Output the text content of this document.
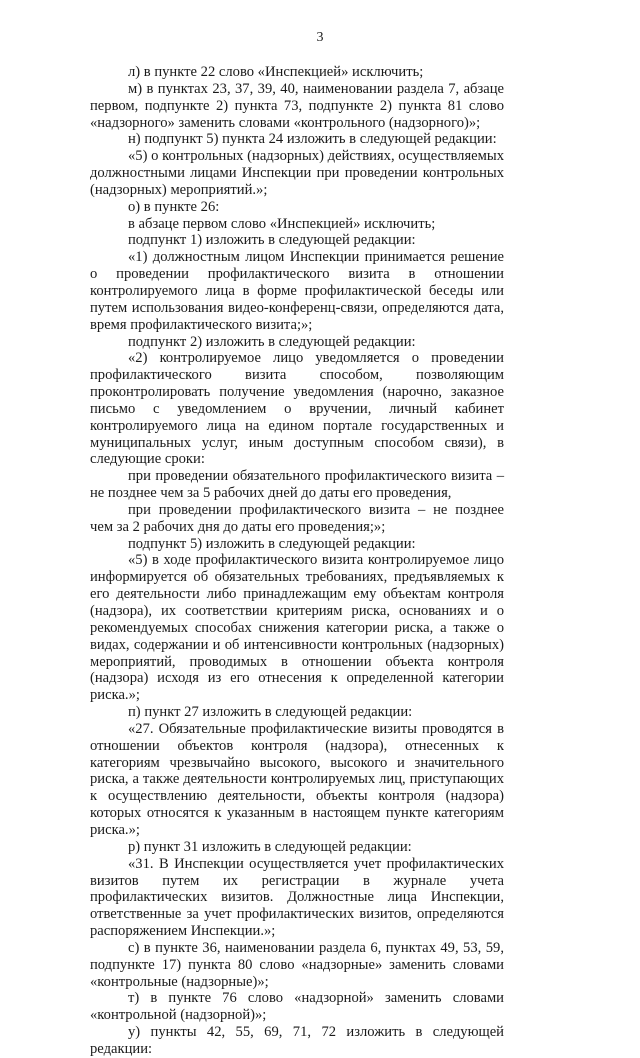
3

л) в пункте 22 слово «Инспекцией» исключить;

м) в пунктах 23, 37, 39, 40, наименовании раздела 7, абзаце первом, подпункте 2) пункта 73, подпункте 2) пункта 81 слово «надзорного» заменить словами «контрольного (надзорного)»;

н) подпункт 5) пункта 24 изложить в следующей редакции:

«5) о контрольных (надзорных) действиях, осуществляемых должностными лицами Инспекции при проведении контрольных (надзорных) мероприятий.»;

о) в пункте 26:

в абзаце первом слово «Инспекцией» исключить;

подпункт 1) изложить в следующей редакции:

«1) должностным лицом Инспекции принимается решение о проведении профилактического визита в отношении контролируемого лица в форме профилактической беседы или путем использования видео-конференц-связи, определяются дата, время профилактического визита;»;

подпункт 2) изложить в следующей редакции:

«2) контролируемое лицо уведомляется о проведении профилактического визита способом, позволяющим проконтролировать получение уведомления (нарочно, заказное письмо с уведомлением о вручении, личный кабинет контролируемого лица на едином портале государственных и муниципальных услуг, иным доступным способом связи), в следующие сроки:

при проведении обязательного профилактического визита – не позднее чем за 5 рабочих дней до даты его проведения,

при проведении профилактического визита – не позднее чем за 2 рабочих дня до даты его проведения;»;

подпункт 5) изложить в следующей редакции:

«5) в ходе профилактического визита контролируемое лицо информируется об обязательных требованиях, предъявляемых к его деятельности либо принадлежащим ему объектам контроля (надзора), их соответствии критериям риска, основаниях и о рекомендуемых способах снижения категории риска, а также о видах, содержании и об интенсивности контрольных (надзорных) мероприятий, проводимых в отношении объекта контроля (надзора) исходя из его отнесения к определенной категории риска.»;

п) пункт 27 изложить в следующей редакции:

«27. Обязательные профилактические визиты проводятся в отношении объектов контроля (надзора), отнесенных к категориям чрезвычайно высокого, высокого и значительного риска, а также деятельности контролируемых лиц, приступающих к осуществлению деятельности, объекты контроля (надзора) которых относятся к указанным в настоящем пункте категориям риска.»;

р) пункт 31 изложить в следующей редакции:

«31. В Инспекции осуществляется учет профилактических визитов путем их регистрации в журнале учета профилактических визитов. Должностные лица Инспекции, ответственные за учет профилактических визитов, определяются распоряжением Инспекции.»;

с) в пункте 36, наименовании раздела 6, пунктах 49, 53, 59, подпункте 17) пункта 80 слово «надзорные» заменить словами «контрольные (надзорные)»;

т) в пункте 76 слово «надзорной» заменить словами «контрольной (надзорной)»;

у) пункты 42, 55, 69, 71, 72 изложить в следующей редакции:
